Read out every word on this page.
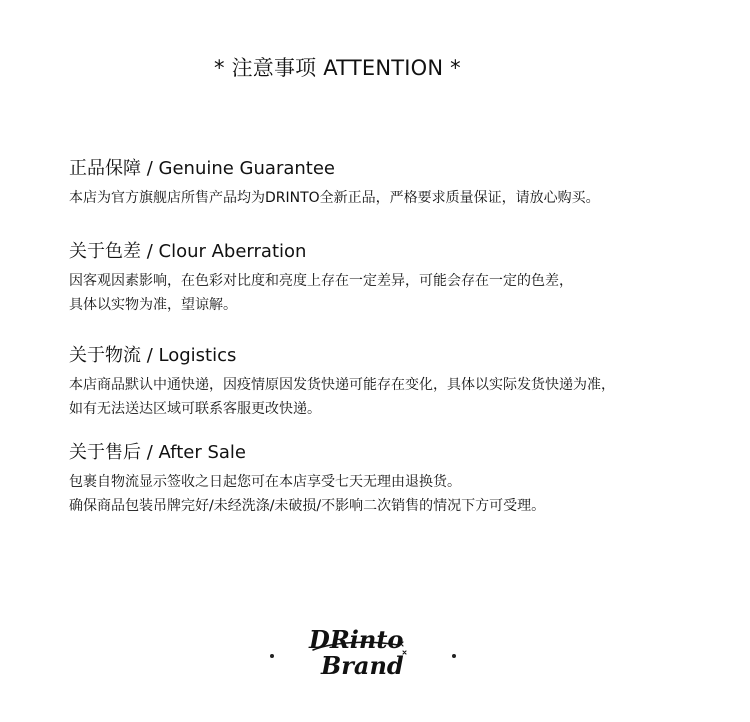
* 注意事项 ATTENTION *
正品保障 / Genuine Guarantee

本店为官方旗舰店所售产品均为DRINTO全新正品，严格要求质量保证，请放心购买。

关于色差 / Clour Aberration

因客观因素影响，在色彩对比度和亮度上存在一定差异，可能会存在一定的色差，

具体以实物为准，望谅解。

关于物流 / Logistics

本店商品默认中通快递，因疫情原因发货快递可能存在变化，具体以实际发货快递为准，

如有无法送达区域可联系客服更改快递。

关于售后 / After Sale

包裹自物流显示签收之日起您可在本店享受七天无理由退换货。

确保商品包装吊牌完好/未经洗涤/未破损/不影响二次销售的情况下方可受理。

DRinto
Brand
